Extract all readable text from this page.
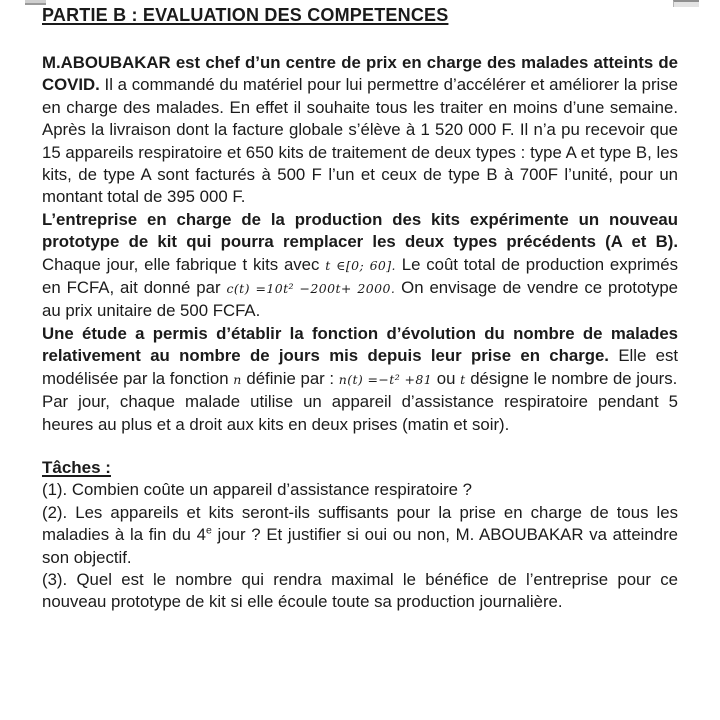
PARTIE B : EVALUATION DES COMPETENCES

M.ABOUBAKAR est chef d’un centre de prix en charge des malades atteints de COVID. Il a commandé du matériel pour lui permettre d’accélérer et améliorer la prise en charge des malades. En effet il souhaite tous les traiter en moins d’une semaine. Après la livraison dont la facture globale s’élève à 1 520 000 F. Il n’a pu recevoir que 15 appareils respiratoire et 650 kits de traitement de deux types : type A et type B, les kits, de type A sont facturés à 500 F l’un et ceux de type B à 700F l’unité, pour un montant total de 395 000 F.

L’entreprise en charge de la production des kits expérimente un nouveau prototype de kit qui pourra remplacer les deux types précédents (A et B). Chaque jour, elle fabrique t kits avec t ∈[0; 60]. Le coût total de production exprimés en FCFA, ait donné par c(t) =10t² −200t+ 2000. On envisage de vendre ce prototype au prix unitaire de 500 FCFA.

Une étude a permis d’établir la fonction d’évolution du nombre de malades relativement au nombre de jours mis depuis leur prise en charge. Elle est modélisée par la fonction n définie par : n(t) =−t² +81 ou t désigne le nombre de jours.

Par jour, chaque malade utilise un appareil d’assistance respiratoire pendant 5 heures au plus et a droit aux kits en deux prises (matin et soir).

Tâches :

(1). Combien coûte un appareil d’assistance respiratoire ?

(2). Les appareils et kits seront-ils suffisants pour la prise en charge de tous les maladies à la fin du 4e jour ? Et justifier si oui ou non, M. ABOUBAKAR va atteindre son objectif.

(3). Quel est le nombre qui rendra maximal le bénéfice de l’entreprise pour ce nouveau prototype de kit si elle écoule toute sa production journalière.
